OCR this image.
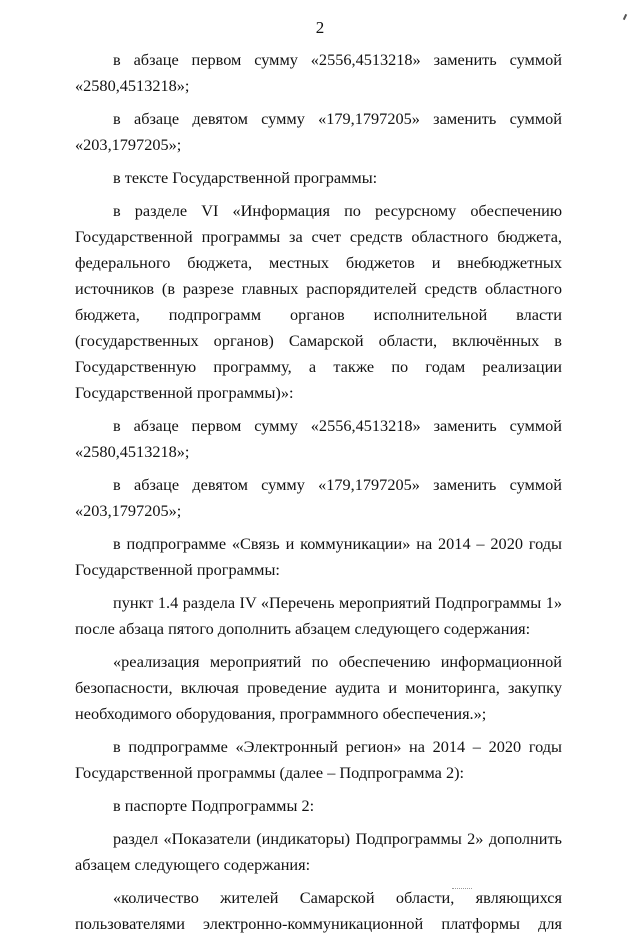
2

в абзаце первом сумму «2556,4513218» заменить суммой «2580,4513218»;

в абзаце девятом сумму «179,1797205» заменить суммой «203,1797205»;

в тексте Государственной программы:

в разделе VI «Информация по ресурсному обеспечению Государственной программы за счет средств областного бюджета, федерального бюджета, местных бюджетов и внебюджетных источников (в разрезе главных распорядителей средств областного бюджета, подпрограмм органов исполнительной власти (государственных органов) Самарской области, включённых в Государственную программу, а также по годам реализации Государственной программы)»:

в абзаце первом сумму «2556,4513218» заменить суммой «2580,4513218»;

в абзаце девятом сумму «179,1797205» заменить суммой «203,1797205»;

в подпрограмме «Связь и коммуникации» на 2014 – 2020 годы Государственной программы:

пункт 1.4 раздела IV «Перечень мероприятий Подпрограммы 1» после абзаца пятого дополнить абзацем следующего содержания:

«реализация мероприятий по обеспечению информационной безопасности, включая проведение аудита и мониторинга, закупку необходимого оборудования, программного обеспечения.»;

в подпрограмме «Электронный регион» на 2014 – 2020 годы Государственной программы (далее – Подпрограмма 2):

в паспорте Подпрограммы 2:

раздел «Показатели (индикаторы) Подпрограммы 2» дополнить абзацем следующего содержания:

«количество жителей Самарской области, являющихся пользователями электронно-коммуникационной платформы для
